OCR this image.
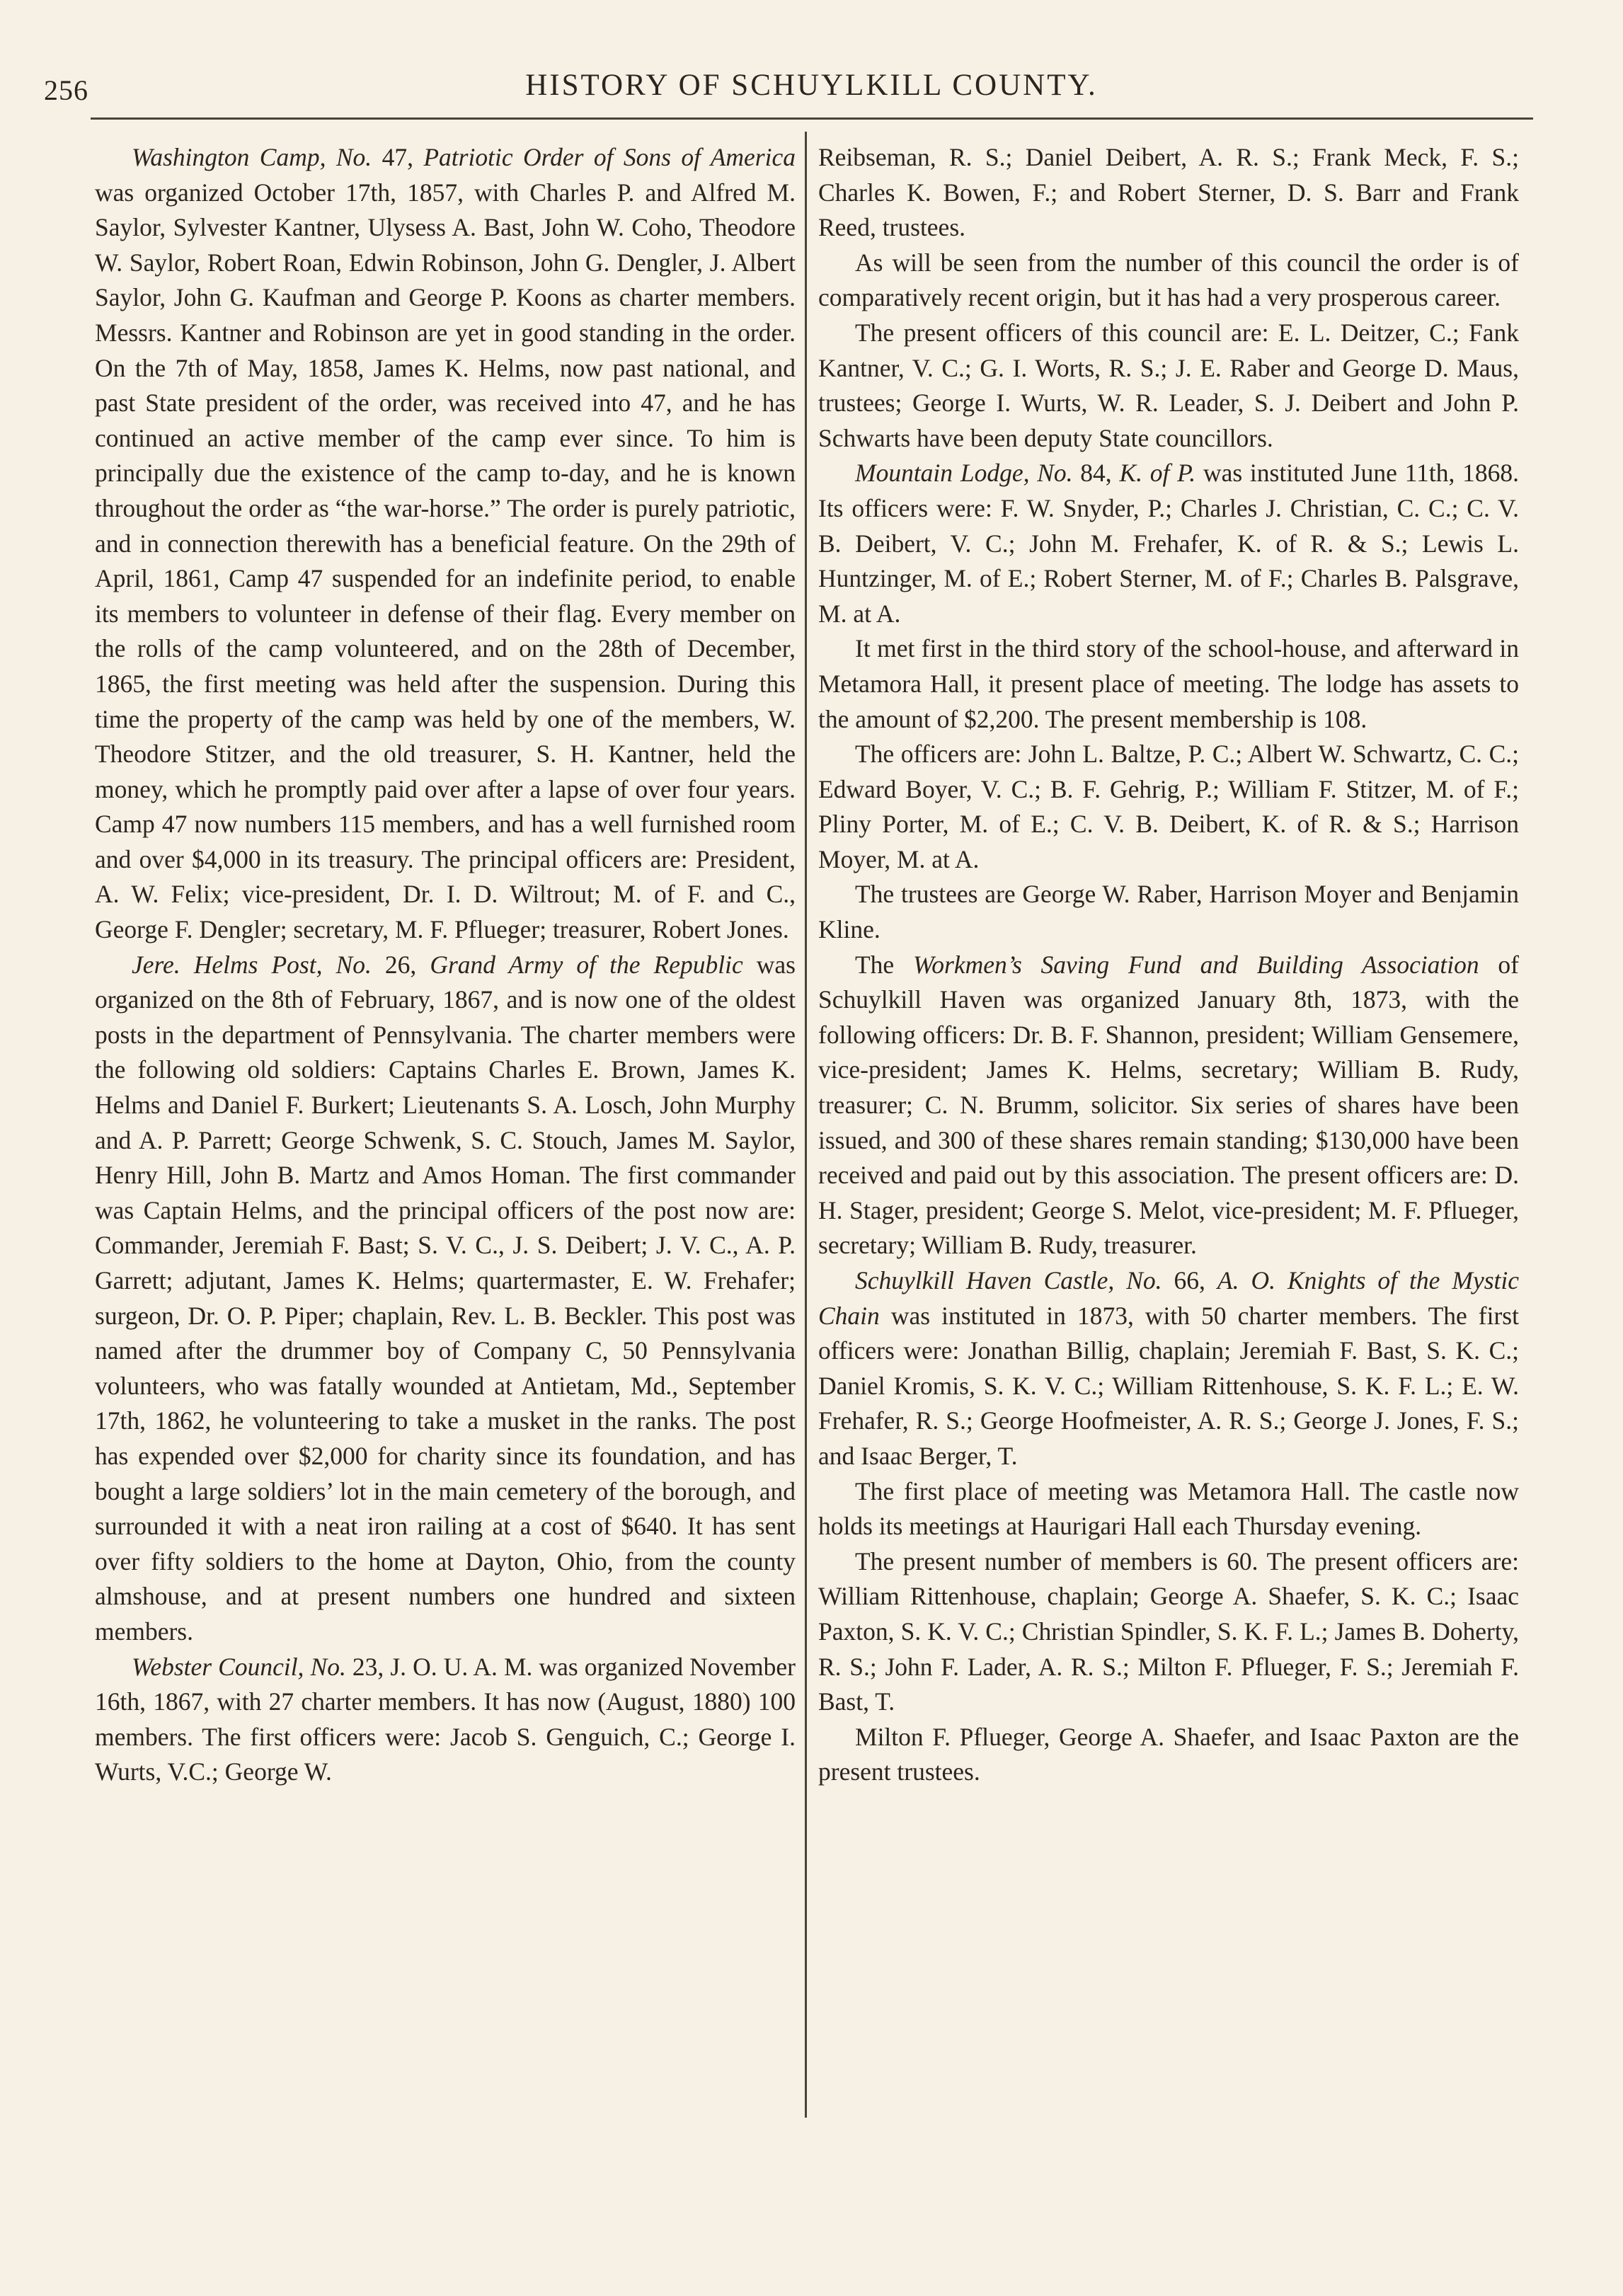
256	HISTORY OF SCHUYLKILL COUNTY.

Washington Camp, No. 47, Patriotic Order of Sons of America was organized October 17th, 1857, with Charles P. and Alfred M. Saylor, Sylvester Kantner, Ulysess A. Bast, John W. Coho, Theodore W. Saylor, Robert Roan, Edwin Robinson, John G. Dengler, J. Albert Saylor, John G. Kaufman and George P. Koons as charter members. Messrs. Kantner and Robinson are yet in good standing in the order. On the 7th of May, 1858, James K. Helms, now past national, and past State president of the order, was received into 47, and he has continued an active member of the camp ever since. To him is principally due the existence of the camp to-day, and he is known throughout the order as “the war-horse.” The order is purely patriotic, and in connection therewith has a beneficial feature. On the 29th of April, 1861, Camp 47 suspended for an indefinite period, to enable its members to volunteer in defense of their flag. Every member on the rolls of the camp volunteered, and on the 28th of December, 1865, the first meeting was held after the suspension. During this time the property of the camp was held by one of the members, W. Theodore Stitzer, and the old treasurer, S. H. Kantner, held the money, which he promptly paid over after a lapse of over four years. Camp 47 now numbers 115 members, and has a well furnished room and over $4,000 in its treasury. The principal officers are: President, A. W. Felix; vice-president, Dr. I. D. Wiltrout; M. of F. and C., George F. Dengler; secretary, M. F. Pflueger; treasurer, Robert Jones.

Jere. Helms Post, No. 26, Grand Army of the Republic was organized on the 8th of February, 1867, and is now one of the oldest posts in the department of Pennsylvania. The charter members were the following old soldiers: Captains Charles E. Brown, James K. Helms and Daniel F. Burkert; Lieutenants S. A. Losch, John Murphy and A. P. Parrett; George Schwenk, S. C. Stouch, James M. Saylor, Henry Hill, John B. Martz and Amos Homan. The first commander was Captain Helms, and the principal officers of the post now are: Commander, Jeremiah F. Bast; S. V. C., J. S. Deibert; J. V. C., A. P. Garrett; adjutant, James K. Helms; quartermaster, E. W. Frehafer; surgeon, Dr. O. P. Piper; chaplain, Rev. L. B. Beckler. This post was named after the drummer boy of Company C, 50 Pennsylvania volunteers, who was fatally wounded at Antietam, Md., September 17th, 1862, he volunteering to take a musket in the ranks. The post has expended over $2,000 for charity since its foundation, and has bought a large soldiers’ lot in the main cemetery of the borough, and surrounded it with a neat iron railing at a cost of $640. It has sent over fifty soldiers to the home at Dayton, Ohio, from the county almshouse, and at present numbers one hundred and sixteen members.

Webster Council, No. 23, J. O. U. A. M. was organized November 16th, 1867, with 27 charter members. It has now (August, 1880) 100 members. The first officers were: Jacob S. Genguich, C.; George I. Wurts, V.C.; George W.

Reibseman, R. S.; Daniel Deibert, A. R. S.; Frank Meck, F. S.; Charles K. Bowen, F.; and Robert Sterner, D. S. Barr and Frank Reed, trustees.

As will be seen from the number of this council the order is of comparatively recent origin, but it has had a very prosperous career.

The present officers of this council are: E. L. Deitzer, C.; Fank Kantner, V. C.; G. I. Worts, R. S.; J. E. Raber and George D. Maus, trustees; George I. Wurts, W. R. Leader, S. J. Deibert and John P. Schwarts have been deputy State councillors.

Mountain Lodge, No. 84, K. of P. was instituted June 11th, 1868. Its officers were: F. W. Snyder, P.; Charles J. Christian, C. C.; C. V. B. Deibert, V. C.; John M. Frehafer, K. of R. & S.; Lewis L. Huntzinger, M. of E.; Robert Sterner, M. of F.; Charles B. Palsgrave, M. at A.

It met first in the third story of the school-house, and afterward in Metamora Hall, it present place of meeting. The lodge has assets to the amount of $2,200. The present membership is 108.

The officers are: John L. Baltze, P. C.; Albert W. Schwartz, C. C.; Edward Boyer, V. C.; B. F. Gehrig, P.; William F. Stitzer, M. of F.; Pliny Porter, M. of E.; C. V. B. Deibert, K. of R. & S.; Harrison Moyer, M. at A.

The trustees are George W. Raber, Harrison Moyer and Benjamin Kline.

The Workmen’s Saving Fund and Building Association of Schuylkill Haven was organized January 8th, 1873, with the following officers: Dr. B. F. Shannon, president; William Gensemere, vice-president; James K. Helms, secretary; William B. Rudy, treasurer; C. N. Brumm, solicitor. Six series of shares have been issued, and 300 of these shares remain standing; $130,000 have been received and paid out by this association. The present officers are: D. H. Stager, president; George S. Melot, vice-president; M. F. Pflueger, secretary; William B. Rudy, treasurer.

Schuylkill Haven Castle, No. 66, A. O. Knights of the Mystic Chain was instituted in 1873, with 50 charter members. The first officers were: Jonathan Billig, chaplain; Jeremiah F. Bast, S. K. C.; Daniel Kromis, S. K. V. C.; William Rittenhouse, S. K. F. L.; E. W. Frehafer, R. S.; George Hoofmeister, A. R. S.; George J. Jones, F. S.; and Isaac Berger, T.

The first place of meeting was Metamora Hall. The castle now holds its meetings at Haurigari Hall each Thursday evening.

The present number of members is 60. The present officers are: William Rittenhouse, chaplain; George A. Shaefer, S. K. C.; Isaac Paxton, S. K. V. C.; Christian Spindler, S. K. F. L.; James B. Doherty, R. S.; John F. Lader, A. R. S.; Milton F. Pflueger, F. S.; Jeremiah F. Bast, T.

Milton F. Pflueger, George A. Shaefer, and Isaac Paxton are the present trustees.
